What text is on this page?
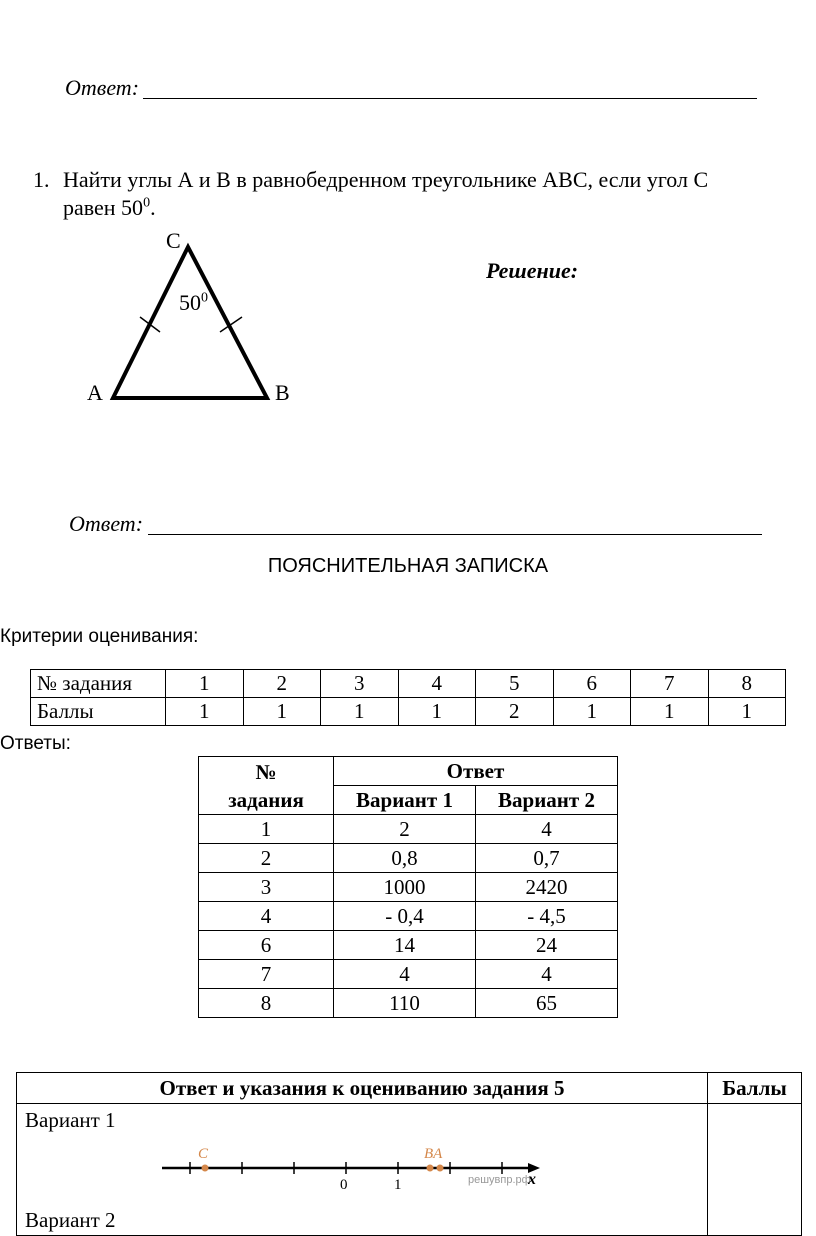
Ответ:
1. Найти углы А и В в равнобедренном треугольнике АВС, если угол С
равен $50^0$.
С
А	В
$50^0$
Решение:
Ответ:
ПОЯСНИТЕЛЬНАЯ ЗАПИСКА
Критерии оценивания:
№ задания	1	2	3	4	5	6	7	8
Баллы	1	1	1	1	2	1	1	1
Ответы:
№
задания	Ответ	
	Вариант 1	Вариант 2
1	2	4
2	0,8	0,7
3	1000	2420
4	- 0,4	- 4,5
6	14	24
7	4	4
8	110	65
Ответ и указания к оцениванию задания 5	Баллы

Вариант 1
Вариант 2	

C	BA
0	1	решувпр.рф
x
